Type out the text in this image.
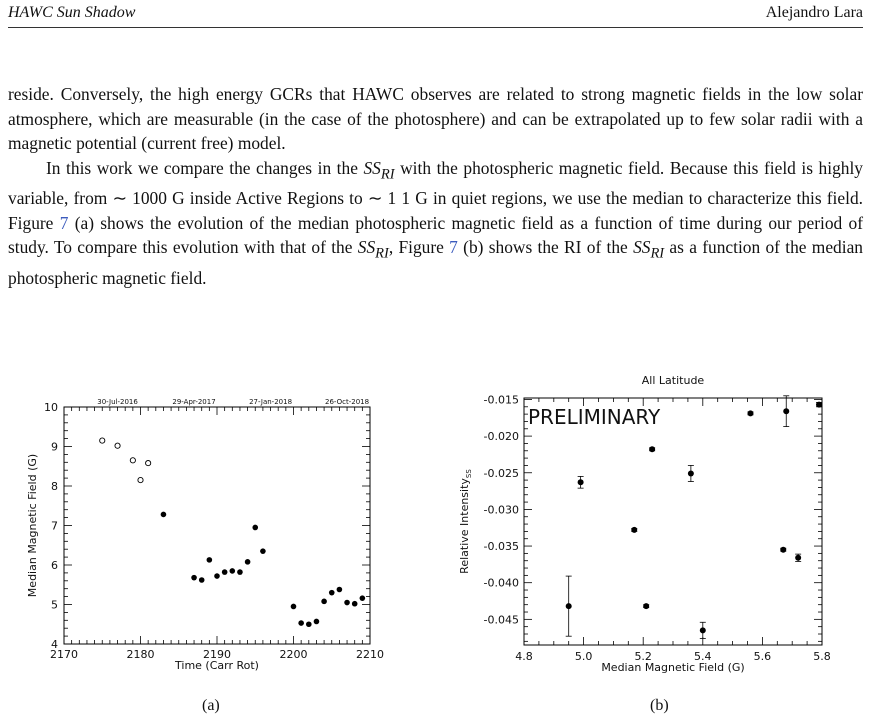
HAWC Sun Shadow	Alejandro Lara

reside. Conversely, the high energy GCRs that HAWC observes are related to strong magnetic fields in the low solar atmosphere, which are measurable (in the case of the photosphere) and can be extrapolated up to few solar radii with a magnetic potential (current free) model.

In this work we compare the changes in the $SS_{RI}$ with the photospheric magnetic field. Because this field is highly variable, from ∼ 1000 G inside Active Regions to ∼ 1 1 G in quiet regions, we use the median to characterize this field. Figure 7 (a) shows the evolution of the median photospheric magnetic field as a function of time during our period of study. To compare this evolution with that of the $SS_{RI}$, Figure 7 (b) shows the RI of the $SS_{RI}$ as a function of the median photospheric magnetic field.

2170	2180	2190	2200	2210
4
5
6
7
8
9
10	30-Jul-2016	29-Apr-2017	27-Jan-2018	26-Oct-2018
Time (Carr Rot)
Median Magnetic Field (G)
4.8	5.0	5.2	5.4	5.6	5.8
-0.015
-0.020
-0.025
-0.030
-0.035
-0.040
-0.045
All Latitude
Median Magnetic Field (G)
Relative Intensity$_{SS}$
PRELIMINARY
(a)	(b)
